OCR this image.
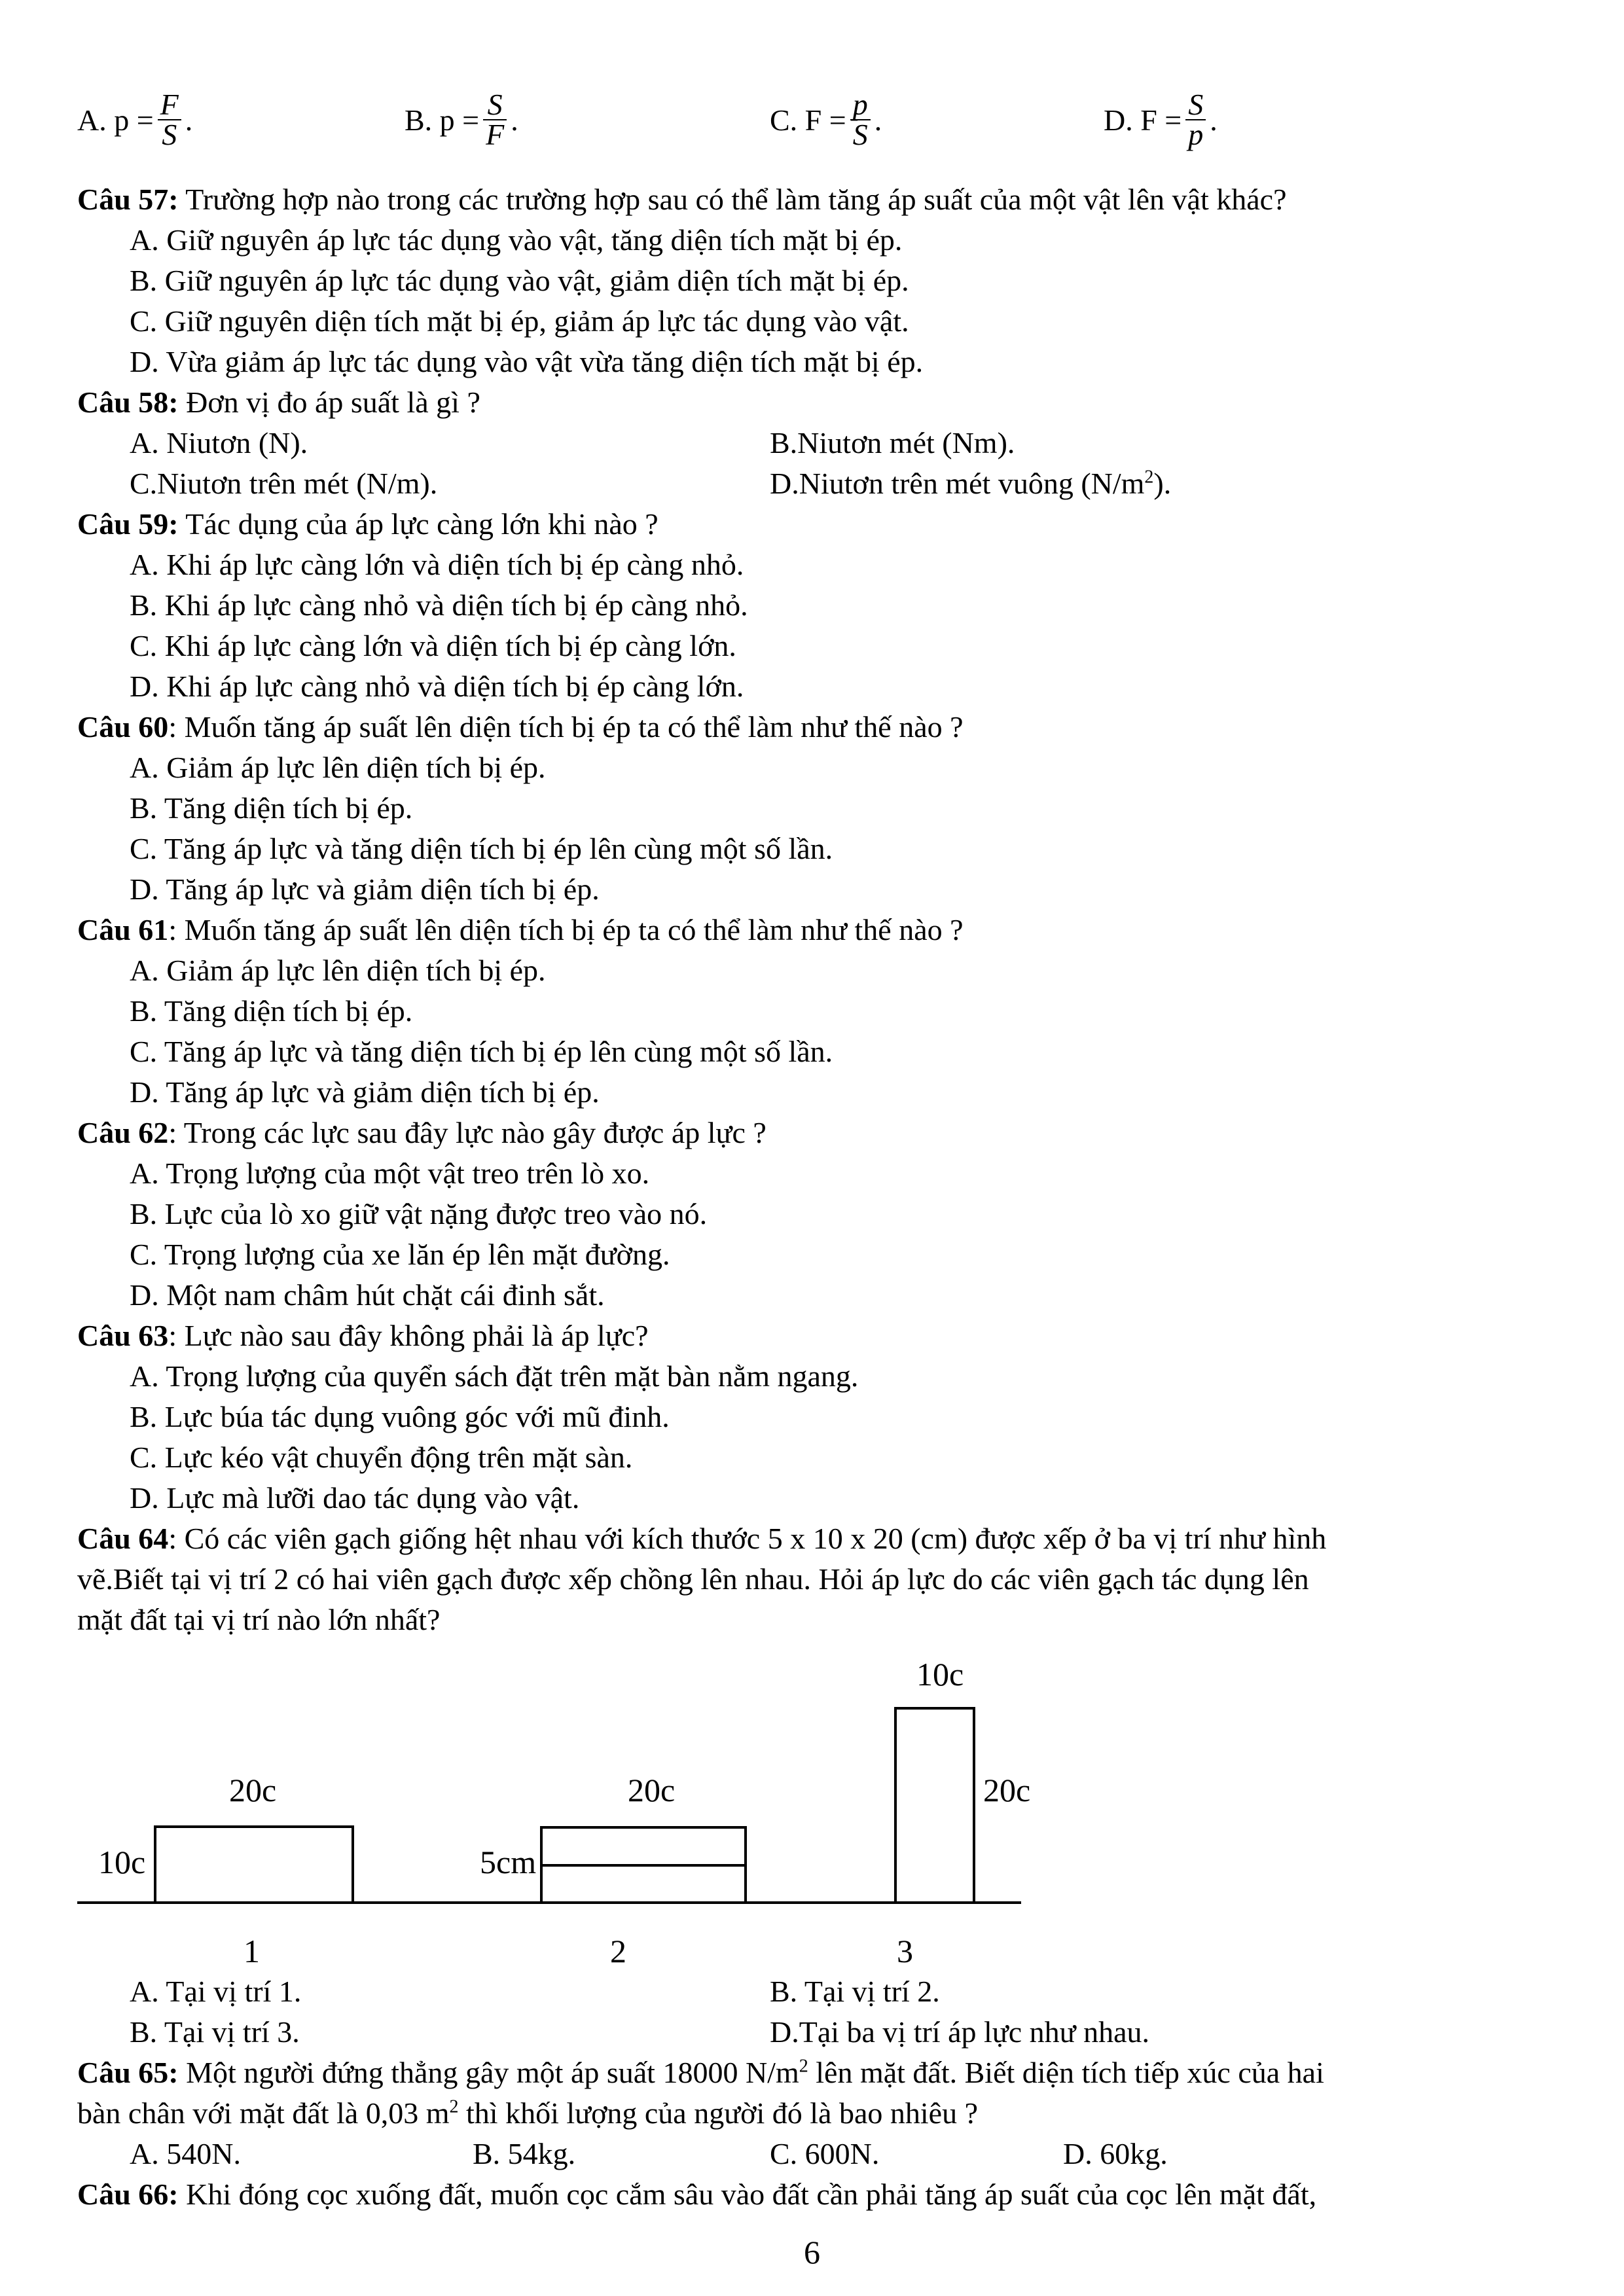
A. $p = \frac{F}{S}$ .	B. $p = \frac{S}{F}$ .	C. $F = \frac{p}{S}$ .	D. $F = \frac{S}{p}$ .
Câu 57: Trường hợp nào trong các trường hợp sau có thể làm tăng áp suất của một vật lên vật khác?
A. Giữ nguyên áp lực tác dụng vào vật, tăng diện tích mặt bị ép.
B. Giữ nguyên áp lực tác dụng vào vật, giảm diện tích mặt bị ép.
C. Giữ nguyên diện tích mặt bị ép, giảm áp lực tác dụng vào vật.
D. Vừa giảm áp lực tác dụng vào vật vừa tăng diện tích mặt bị ép.
Câu 58: Đơn vị đo áp suất là gì ?
A. Niutơn (N).	B.Niutơn mét (Nm).
C.Niutơn trên mét (N/m).	D.Niutơn trên mét vuông $(N/m^2)$.
Câu 59: Tác dụng của áp lực càng lớn khi nào ?
A. Khi áp lực càng lớn và diện tích bị ép càng nhỏ.
B. Khi áp lực càng nhỏ và diện tích bị ép càng nhỏ.
C. Khi áp lực càng lớn và diện tích bị ép càng lớn.
D. Khi áp lực càng nhỏ và diện tích bị ép càng lớn.
Câu 60: Muốn tăng áp suất lên diện tích bị ép ta có thể làm như thế nào ?
A. Giảm áp lực lên diện tích bị ép.
B. Tăng diện tích bị ép.
C. Tăng áp lực và tăng diện tích bị ép lên cùng một số lần.
D. Tăng áp lực và giảm diện tích bị ép.
Câu 61: Muốn tăng áp suất lên diện tích bị ép ta có thể làm như thế nào ?
A. Giảm áp lực lên diện tích bị ép.
B. Tăng diện tích bị ép.
C. Tăng áp lực và tăng diện tích bị ép lên cùng một số lần.
D. Tăng áp lực và giảm diện tích bị ép.
Câu 62: Trong các lực sau đây lực nào gây được áp lực ?
A. Trọng lượng của một vật treo trên lò xo.
B. Lực của lò xo giữ vật nặng được treo vào nó.
C. Trọng lượng của xe lăn ép lên mặt đường.
D. Một nam châm hút chặt cái đinh sắt.
Câu 63: Lực nào sau đây không phải là áp lực?
A. Trọng lượng của quyển sách đặt trên mặt bàn nằm ngang.
B. Lực búa tác dụng vuông góc với mũ đinh.
C. Lực kéo vật chuyển động trên mặt sàn.
D. Lực mà lưỡi dao tác dụng vào vật.
Câu 64: Có các viên gạch giống hệt nhau với kích thước 5 x 10 x 20 (cm) được xếp ở ba vị trí như hình
vẽ.Biết tại vị trí 2 có hai viên gạch được xếp chồng lên nhau. Hỏi áp lực do các viên gạch tác dụng lên
mặt đất tại vị trí nào lớn nhất?
20c
10c
20c
5cm
10c
20c
1	2	3
A. Tại vị trí 1.	B. Tại vị trí 2.
B. Tại vị trí 3.	D.Tại ba vị trí áp lực như nhau.
Câu 65: Một người đứng thẳng gây một áp suất 18000 $N/m^2$ lên mặt đất. Biết diện tích tiếp xúc của hai
bàn chân với mặt đất là 0,03 $m^2$ thì khối lượng của người đó là bao nhiêu ?
A. 540N.	B. 54kg.	C. 600N.	D. 60kg.
Câu 66: Khi đóng cọc xuống đất, muốn cọc cắm sâu vào đất cần phải tăng áp suất của cọc lên mặt đất,
6
